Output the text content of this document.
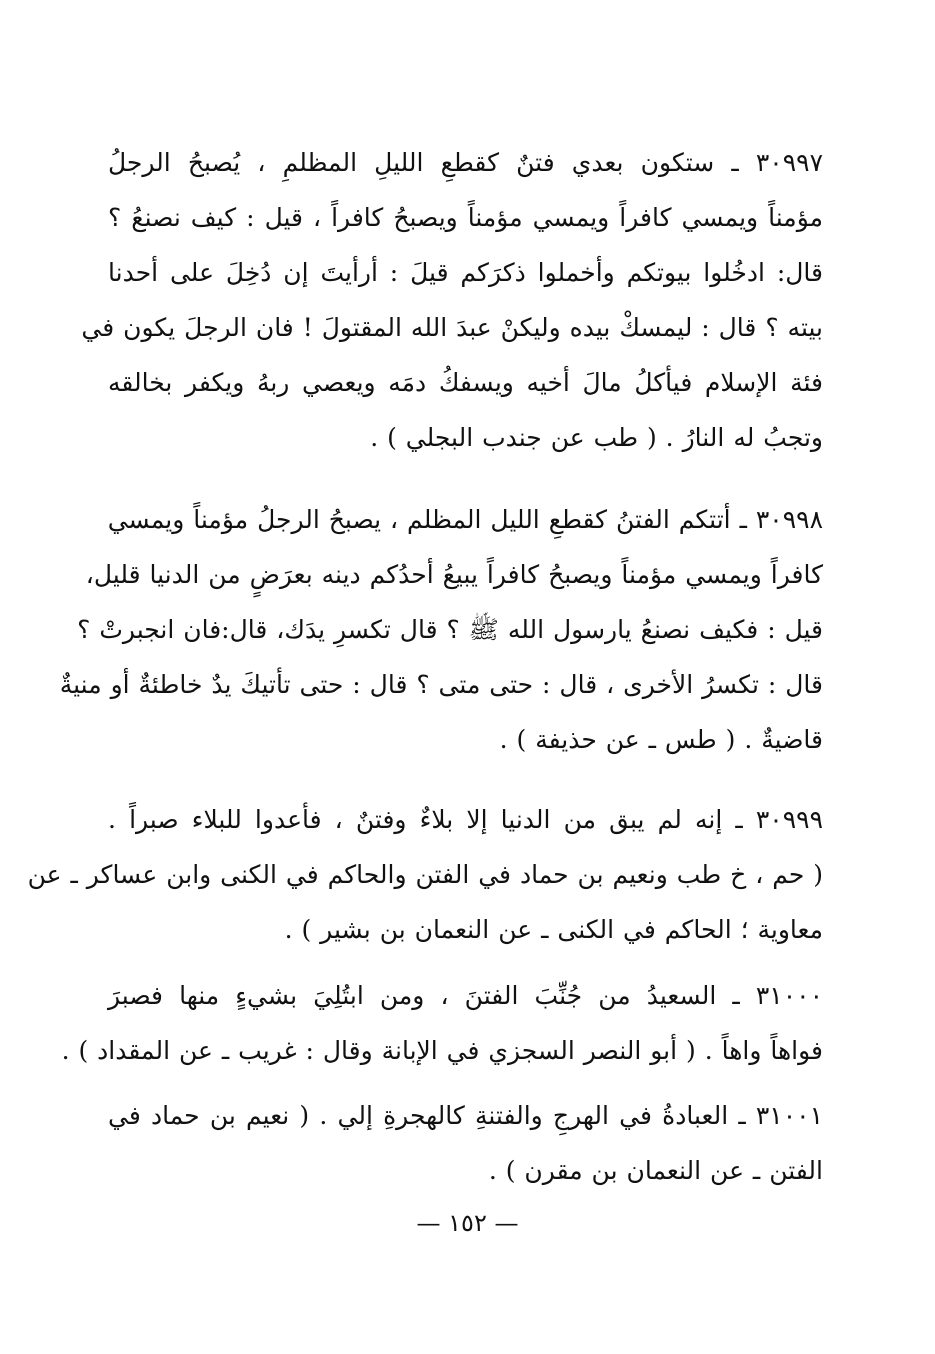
٣٠٩٩٧ ـ ستكون بعدي فتنٌ كقطعِ الليلِ المظلمِ ، يُصبحُ الرجلُ
مؤمناً ويمسي كافراً ويمسي مؤمناً ويصبحُ كافراً ، قيل : كيف نصنعُ ؟
قال: ادخُلوا بيوتكم وأخملوا ذكرَكم قيلَ : أرأيتَ إن دُخِلَ على أحدنا
بيته ؟ قال : ليمسكْ بيده وليكنْ عبدَ الله المقتولَ ! فان الرجلَ يكون في
فئة الإسلام فيأكلُ مالَ أخيه ويسفكُ دمَه ويعصي ربهُ ويكفر بخالقه
وتجبُ له النارُ . ( طب عن جندب البجلي ) .
٣٠٩٩٨ ـ أتتكم الفتنُ كقطعِ الليل المظلم ، يصبحُ الرجلُ مؤمناً ويمسي
كافراً ويمسي مؤمناً ويصبحُ كافراً يبيعُ أحدُكم دينه بعرَضٍ من الدنيا قليل،
قيل : فكيف نصنعُ يارسول الله ﷺ ؟ قال تكسرِ يدَك، قال:فان انجبرتْ ؟
قال : تكسرُ الأخرى ، قال : حتى متى ؟ قال : حتى تأتيكَ يدٌ خاطئةٌ أو منيةٌ
قاضيةٌ . ( طس ـ عن حذيفة ) .
٣٠٩٩٩ ـ إنه لم يبق من الدنيا إلا بلاءٌ وفتنٌ ، فأعدوا للبلاء صبراً .
( حم ، خ طب ونعيم بن حماد في الفتن والحاكم في الكنى وابن عساكر ـ عن
معاوية ؛ الحاكم في الكنى ـ عن النعمان بن بشير ) .
٣١٠٠٠ ـ السعيدُ من جُنِّبَ الفتنَ ، ومن ابتُلِيَ بشيءٍ منها فصبرَ
فواهاً واهاً . ( أبو النصر السجزي في الإبانة وقال : غريب ـ عن المقداد ) .
٣١٠٠١ ـ العبادةُ في الهرجِ والفتنةِ كالهجرةِ إلي . ( نعيم بن حماد في
الفتن ـ عن النعمان بن مقرن ) .
— ١٥٢ —
